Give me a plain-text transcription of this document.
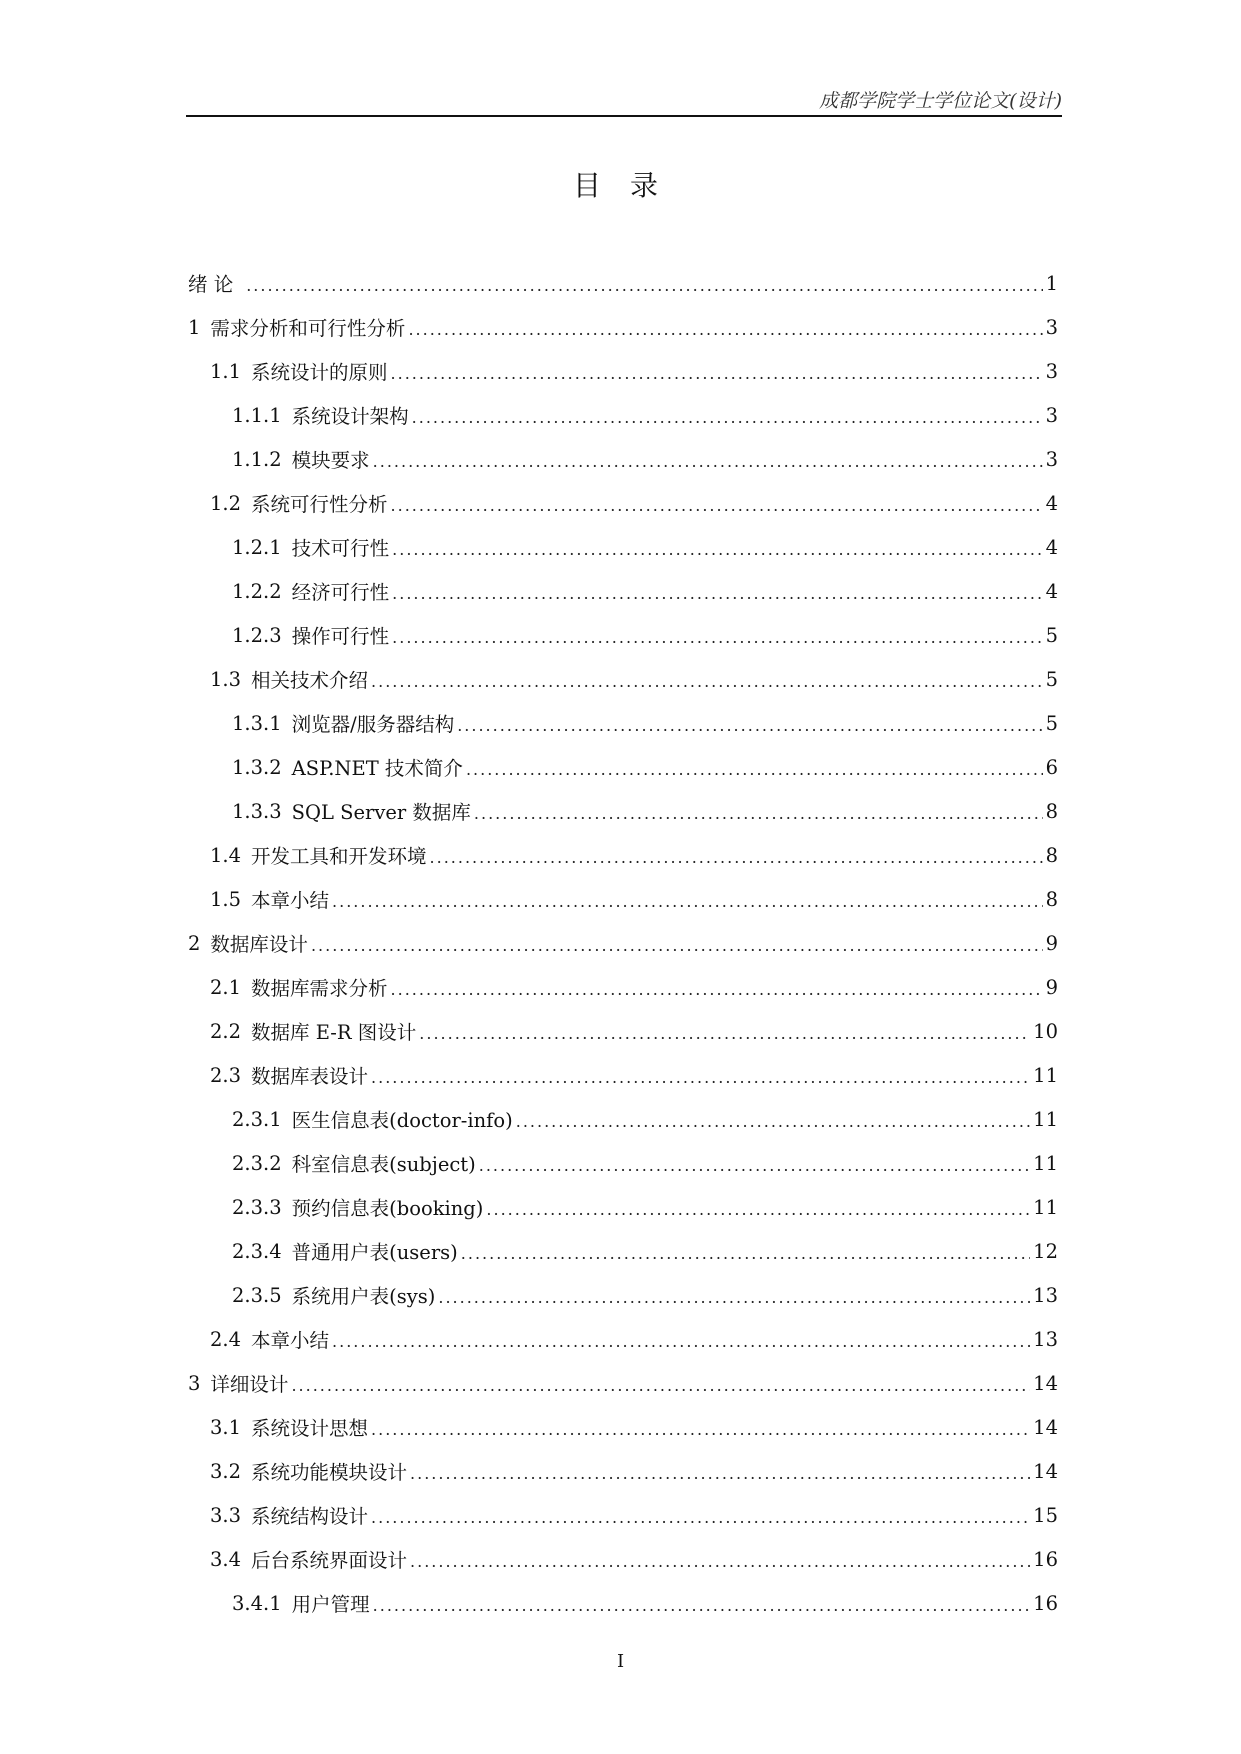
成都学院学士学位论文(设计)
目 录
绪 论 .....	1
1 需求分析和可行性分析 .....	3
1.1 系统设计的原则 .....	3
1.1.1 系统设计架构 .....	3
1.1.2 模块要求 .....	3
1.2 系统可行性分析 .....	4
1.2.1 技术可行性 .....	4
1.2.2 经济可行性 .....	4
1.2.3 操作可行性 .....	5
1.3 相关技术介绍 .....	5
1.3.1 浏览器/服务器结构 .....	5
1.3.2 ASP.NET 技术简介 .....	6
1.3.3 SQL Server 数据库 .....	8
1.4 开发工具和开发环境 .....	8
1.5 本章小结 .....	8
2 数据库设计 .....	9
2.1 数据库需求分析 .....	9
2.2 数据库 E-R 图设计 .....	10
2.3 数据库表设计 .....	11
2.3.1 医生信息表(doctor-info) .....	11
2.3.2 科室信息表(subject) .....	11
2.3.3 预约信息表(booking) .....	11
2.3.4 普通用户表(users) .....	12
2.3.5 系统用户表(sys) .....	13
2.4 本章小结 .....	13
3 详细设计 .....	14
3.1 系统设计思想 .....	14
3.2 系统功能模块设计 .....	14
3.3 系统结构设计 .....	15
3.4 后台系统界面设计 .....	16
3.4.1 用户管理 .....	16
I
